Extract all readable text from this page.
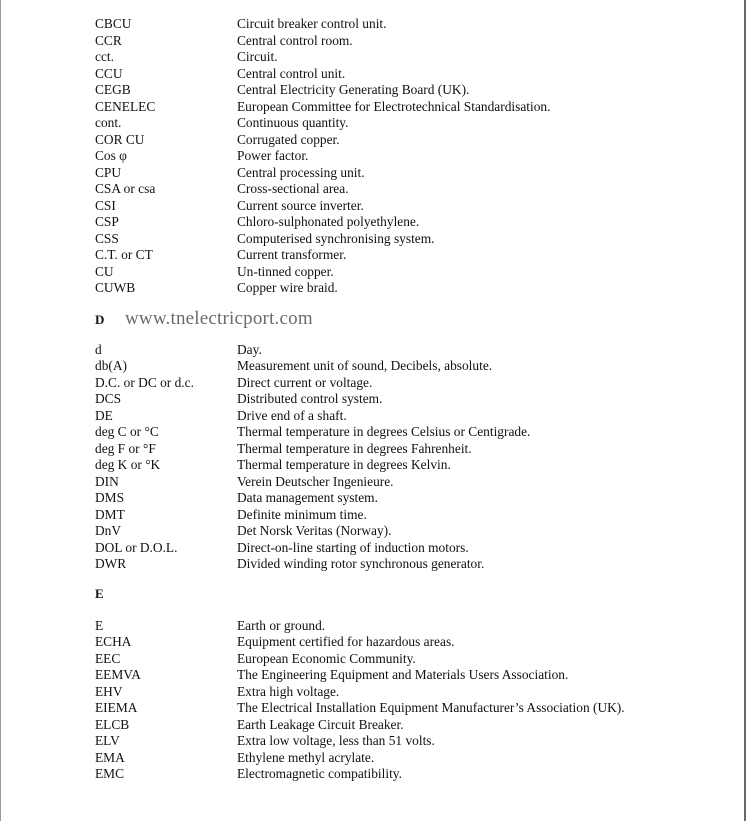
CBCU	Circuit breaker control unit.
CCR	Central control room.
cct.	Circuit.
CCU	Central control unit.
CEGB	Central Electricity Generating Board (UK).
CENELEC	European Committee for Electrotechnical Standardisation.
cont.	Continuous quantity.
COR CU	Corrugated copper.
Cos φ	Power factor.
CPU	Central processing unit.
CSA or csa	Cross-sectional area.
CSI	Current source inverter.
CSP	Chloro-sulphonated polyethylene.
CSS	Computerised synchronising system.
C.T. or CT	Current transformer.
CU	Un-tinned copper.
CUWB	Copper wire braid.
D	www.tnelectricport.com
d	Day.
db(A)	Measurement unit of sound, Decibels, absolute.
D.C. or DC or d.c.	Direct current or voltage.
DCS	Distributed control system.
DE	Drive end of a shaft.
deg C or °C	Thermal temperature in degrees Celsius or Centigrade.
deg F or °F	Thermal temperature in degrees Fahrenheit.
deg K or °K	Thermal temperature in degrees Kelvin.
DIN	Verein Deutscher Ingenieure.
DMS	Data management system.
DMT	Definite minimum time.
DnV	Det Norsk Veritas (Norway).
DOL or D.O.L.	Direct-on-line starting of induction motors.
DWR	Divided winding rotor synchronous generator.
E
E	Earth or ground.
ECHA	Equipment certified for hazardous areas.
EEC	European Economic Community.
EEMVA	The Engineering Equipment and Materials Users Association.
EHV	Extra high voltage.
EIEMA	The Electrical Installation Equipment Manufacturer’s Association (UK).
ELCB	Earth Leakage Circuit Breaker.
ELV	Extra low voltage, less than 51 volts.
EMA	Ethylene methyl acrylate.
EMC	Electromagnetic compatibility.
